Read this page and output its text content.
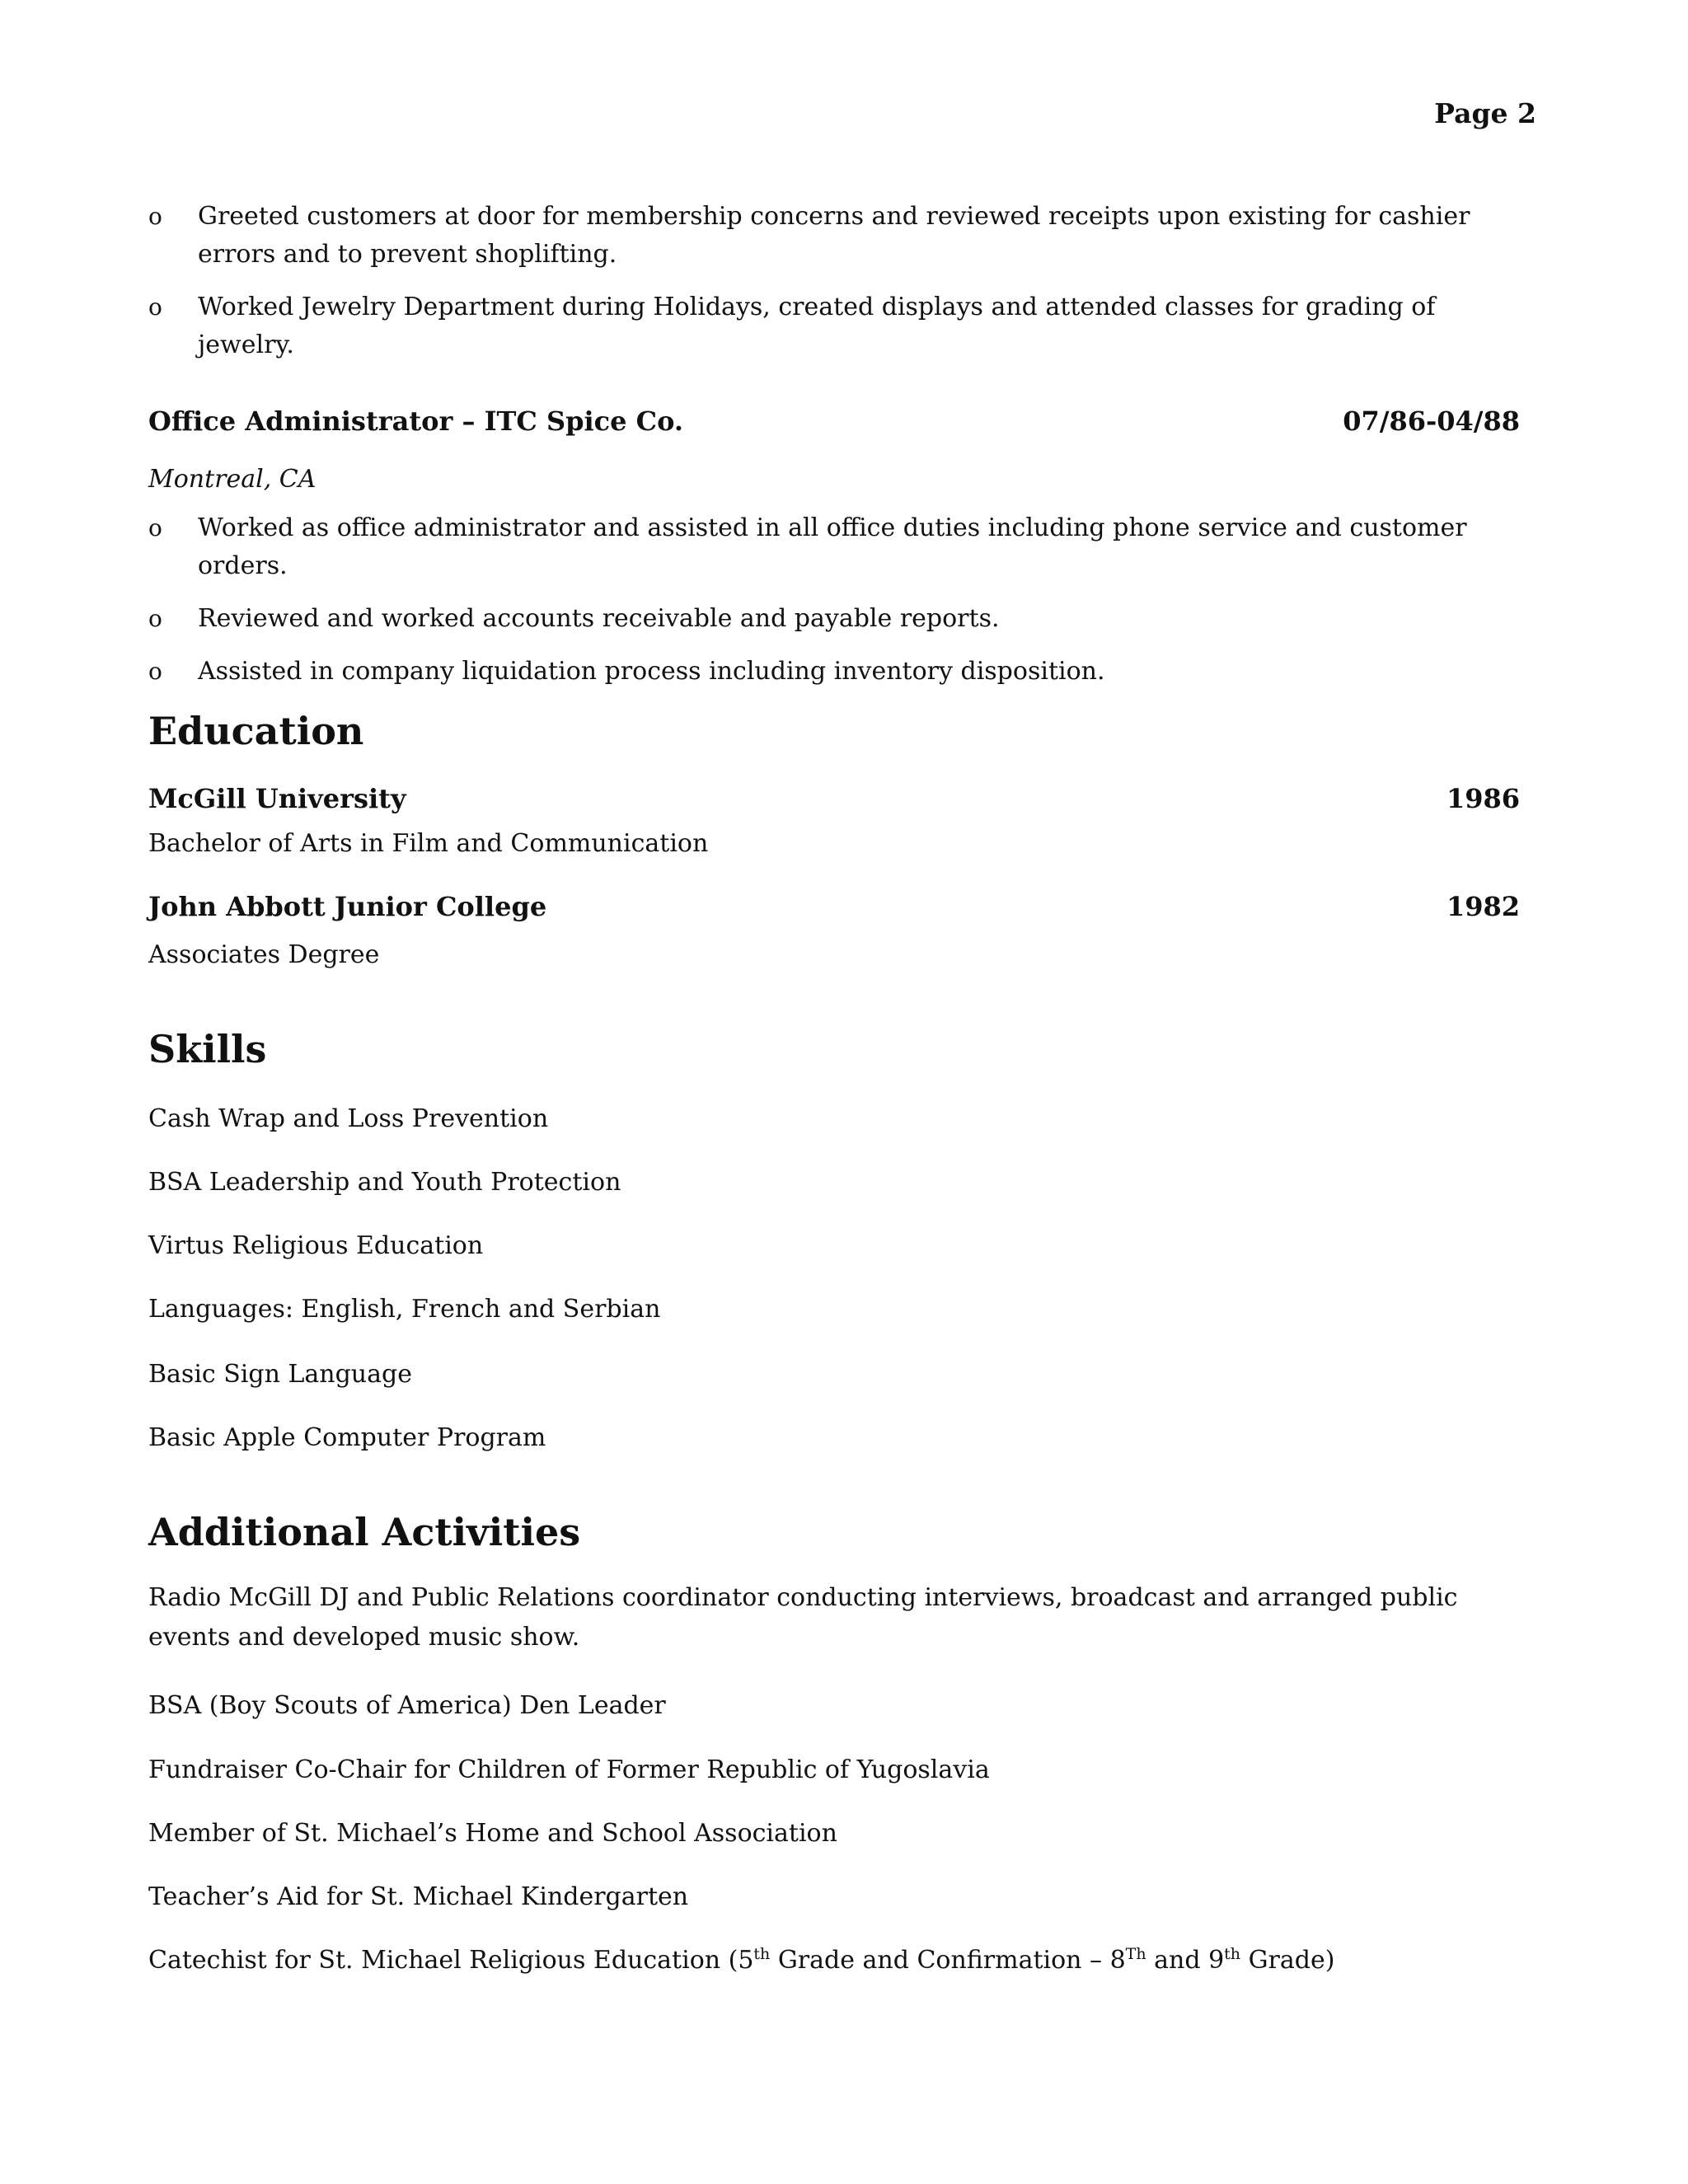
Page 2

o Greeted customers at door for membership concerns and reviewed receipts upon existing for cashier errors and to prevent shoplifting.

o Worked Jewelry Department during Holidays, created displays and attended classes for grading of jewelry.

Office Administrator – ITC Spice Co.	07/86-04/88
Montreal, CA

o Worked as office administrator and assisted in all office duties including phone service and customer orders.

o Reviewed and worked accounts receivable and payable reports.

o Assisted in company liquidation process including inventory disposition.

Education
McGill University	1986
Bachelor of Arts in Film and Communication
John Abbott Junior College	1982
Associates Degree
Skills
Cash Wrap and Loss Prevention
BSA Leadership and Youth Protection
Virtus Religious Education
Languages: English, French and Serbian
Basic Sign Language
Basic Apple Computer Program
Additional Activities
Radio McGill DJ and Public Relations coordinator conducting interviews, broadcast and arranged public events and developed music show.
BSA (Boy Scouts of America) Den Leader
Fundraiser Co-Chair for Children of Former Republic of Yugoslavia
Member of St. Michael’s Home and School Association
Teacher’s Aid for St. Michael Kindergarten
Catechist for St. Michael Religious Education (5th Grade and Confirmation – 8Th and 9th Grade)
